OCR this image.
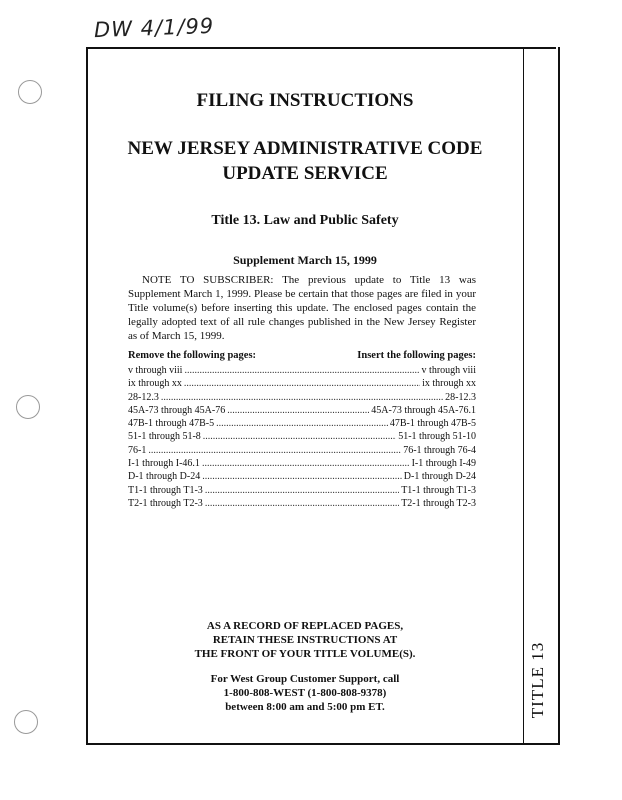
DW 4/1/99
TITLE 13
FILING INSTRUCTIONS
NEW JERSEY ADMINISTRATIVE CODE
UPDATE SERVICE
Title 13. Law and Public Safety
Supplement March 15, 1999
NOTE TO SUBSCRIBER: The previous update to Title 13 was Supplement March 1, 1999. Please be certain that those pages are filed in your Title volume(s) before inserting this update. The enclosed pages contain the legally adopted text of all rule changes published in the New Jersey Register as of March 15, 1999.
Remove the following pages:	Insert the following pages:
v through viii .....	v through viii
ix through xx .....	ix through xx
28-12.3 .....	28-12.3
45A-73 through 45A-76 .....	45A-73 through 45A-76.1
47B-1 through 47B-5 .....	47B-1 through 47B-5
51-1 through 51-8 .....	51-1 through 51-10
76-1 .....	76-1 through 76-4
I-1 through I-46.1 .....	I-1 through I-49
D-1 through D-24 .....	D-1 through D-24
T1-1 through T1-3 .....	T1-1 through T1-3
T2-1 through T2-3 .....	T2-1 through T2-3
AS A RECORD OF REPLACED PAGES,
RETAIN THESE INSTRUCTIONS AT
THE FRONT OF YOUR TITLE VOLUME(S).
For West Group Customer Support, call
1-800-808-WEST (1-800-808-9378)
between 8:00 am and 5:00 pm ET.
